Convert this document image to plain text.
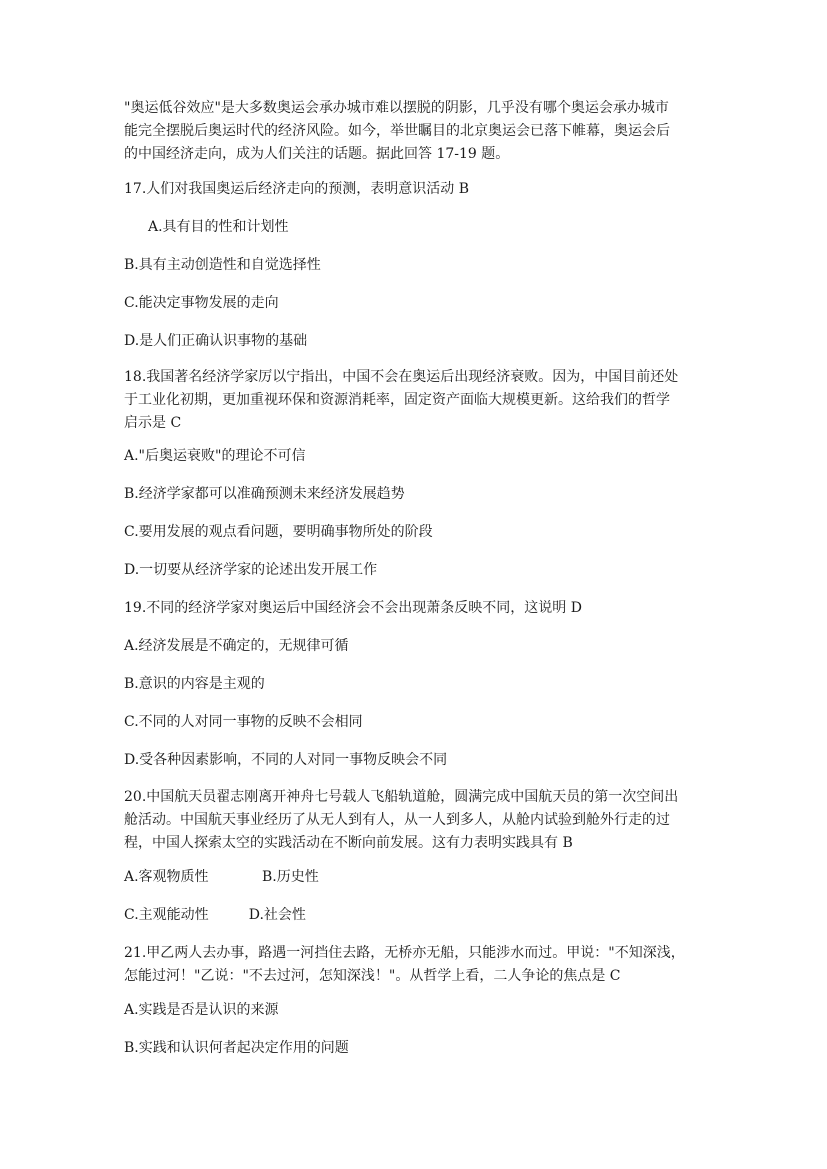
"奥运低谷效应"是大多数奥运会承办城市难以摆脱的阴影，几乎没有哪个奥运会承办城市
能完全摆脱后奥运时代的经济风险。如今，举世瞩目的北京奥运会已落下帷幕，奥运会后
的中国经济走向，成为人们关注的话题。据此回答 17-19 题。
17.人们对我国奥运后经济走向的预测，表明意识活动 B
A.具有目的性和计划性
B.具有主动创造性和自觉选择性
C.能决定事物发展的走向
D.是人们正确认识事物的基础
18.我国著名经济学家厉以宁指出，中国不会在奥运后出现经济衰败。因为，中国目前还处
于工业化初期，更加重视环保和资源消耗率，固定资产面临大规模更新。这给我们的哲学
启示是 C
A."后奥运衰败"的理论不可信
B.经济学家都可以准确预测未来经济发展趋势
C.要用发展的观点看问题，要明确事物所处的阶段
D.一切要从经济学家的论述出发开展工作
19.不同的经济学家对奥运后中国经济会不会出现萧条反映不同，这说明 D
A.经济发展是不确定的，无规律可循
B.意识的内容是主观的
C.不同的人对同一事物的反映不会相同
D.受各种因素影响，不同的人对同一事物反映会不同
20.中国航天员翟志刚离开神舟七号载人飞船轨道舱，圆满完成中国航天员的第一次空间出
舱活动。中国航天事业经历了从无人到有人，从一人到多人，从舱内试验到舱外行走的过
程，中国人探索太空的实践活动在不断向前发展。这有力表明实践具有 B
A.客观物质性            B.历史性
C.主观能动性         D.社会性
21.甲乙两人去办事，路遇一河挡住去路，无桥亦无船，只能涉水而过。甲说："不知深浅，
怎能过河！"乙说："不去过河，怎知深浅！"。从哲学上看，二人争论的焦点是 C
A.实践是否是认识的来源
B.实践和认识何者起决定作用的问题
